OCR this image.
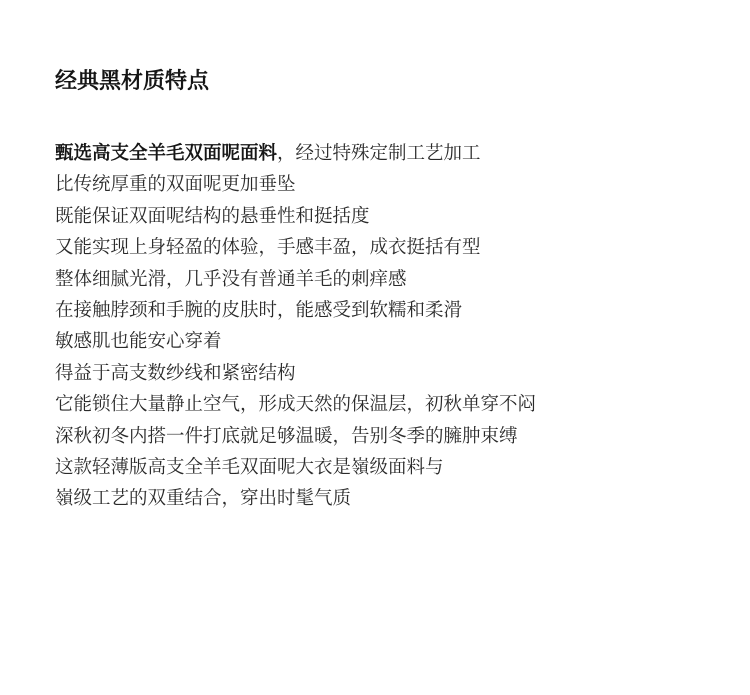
经典黑材质特点
甄选高支全羊毛双面呢面料，经过特殊定制工艺加工
比传统厚重的双面呢更加垂坠
既能保证双面呢结构的悬垂性和挺括度
又能实现上身轻盈的体验，手感丰盈，成衣挺括有型
整体细腻光滑，几乎没有普通羊毛的刺痒感
在接触脖颈和手腕的皮肤时，能感受到软糯和柔滑
敏感肌也能安心穿着
得益于高支数纱线和紧密结构
它能锁住大量静止空气，形成天然的保温层，初秋单穿不闷
深秋初冬内搭一件打底就足够温暖，告别冬季的臃肿束缚
这款轻薄版高支全羊毛双面呢大衣是嶺级面料与
嶺级工艺的双重结合，穿出时髦气质
